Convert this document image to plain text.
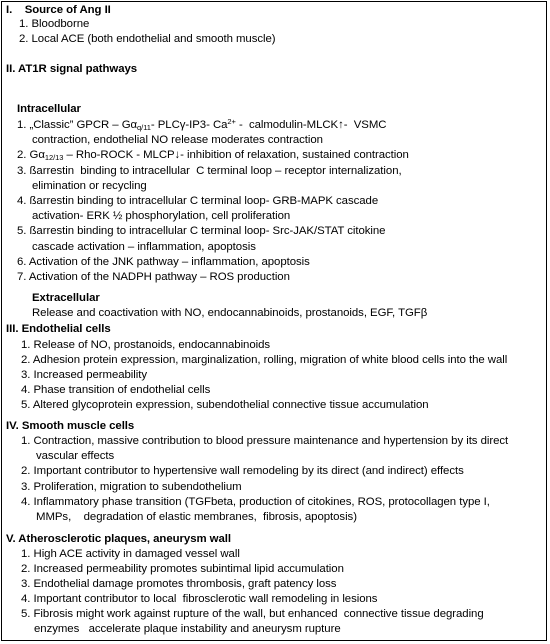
I.    Source of Ang II
1. Bloodborne
2. Local ACE (both endothelial and smooth muscle)
II. AT1R signal pathways
Intracellular
1. „Classic” GPCR – $G\alpha_{q/11}-$ PLCγ-IP3- $Ca^{2+}$ -  calmodulin-MLCK↑-  VSMC
contraction, endothelial NO release moderates contraction
2. $G\alpha_{12/13}$ – Rho-ROCK - MLCP↓- inhibition of relaxation, sustained contraction
3. ßarrestin  binding to intracellular  C terminal loop – receptor internalization,
elimination or recycling
4. ßarrestin binding to intracellular C terminal loop- GRB-MAPK cascade
activation- ERK ½ phosphorylation, cell proliferation
5. ßarrestin binding to intracellular C terminal loop- Src-JAK/STAT citokine
cascade activation – inflammation, apoptosis
6. Activation of the JNK pathway – inflammation, apoptosis
7. Activation of the NADPH pathway – ROS production
Extracellular
Release and coactivation with NO, endocannabinoids, prostanoids, EGF, TGFβ
III. Endothelial cells
1. Release of NO, prostanoids, endocannabinoids
2. Adhesion protein expression, marginalization, rolling, migration of white blood cells into the wall
3. Increased permeability
4. Phase transition of endothelial cells
5. Altered glycoprotein expression, subendothelial connective tissue accumulation
IV. Smooth muscle cells
1. Contraction, massive contribution to blood pressure maintenance and hypertension by its direct
vascular effects
2. Important contributor to hypertensive wall remodeling by its direct (and indirect) effects
3. Proliferation, migration to subendothelium
4. Inflammatory phase transition (TGFbeta, production of citokines, ROS, protocollagen type I,
MMPs,    degradation of elastic membranes,  fibrosis, apoptosis)
V. Atherosclerotic plaques, aneurysm wall
1. High ACE activity in damaged vessel wall
2. Increased permeability promotes subintimal lipid accumulation
3. Endothelial damage promotes thrombosis, graft patency loss
4. Important contributor to local  fibrosclerotic wall remodeling in lesions
5. Fibrosis might work against rupture of the wall, but enhanced  connective tissue degrading
enzymes   accelerate plaque instability and aneurysm rupture
